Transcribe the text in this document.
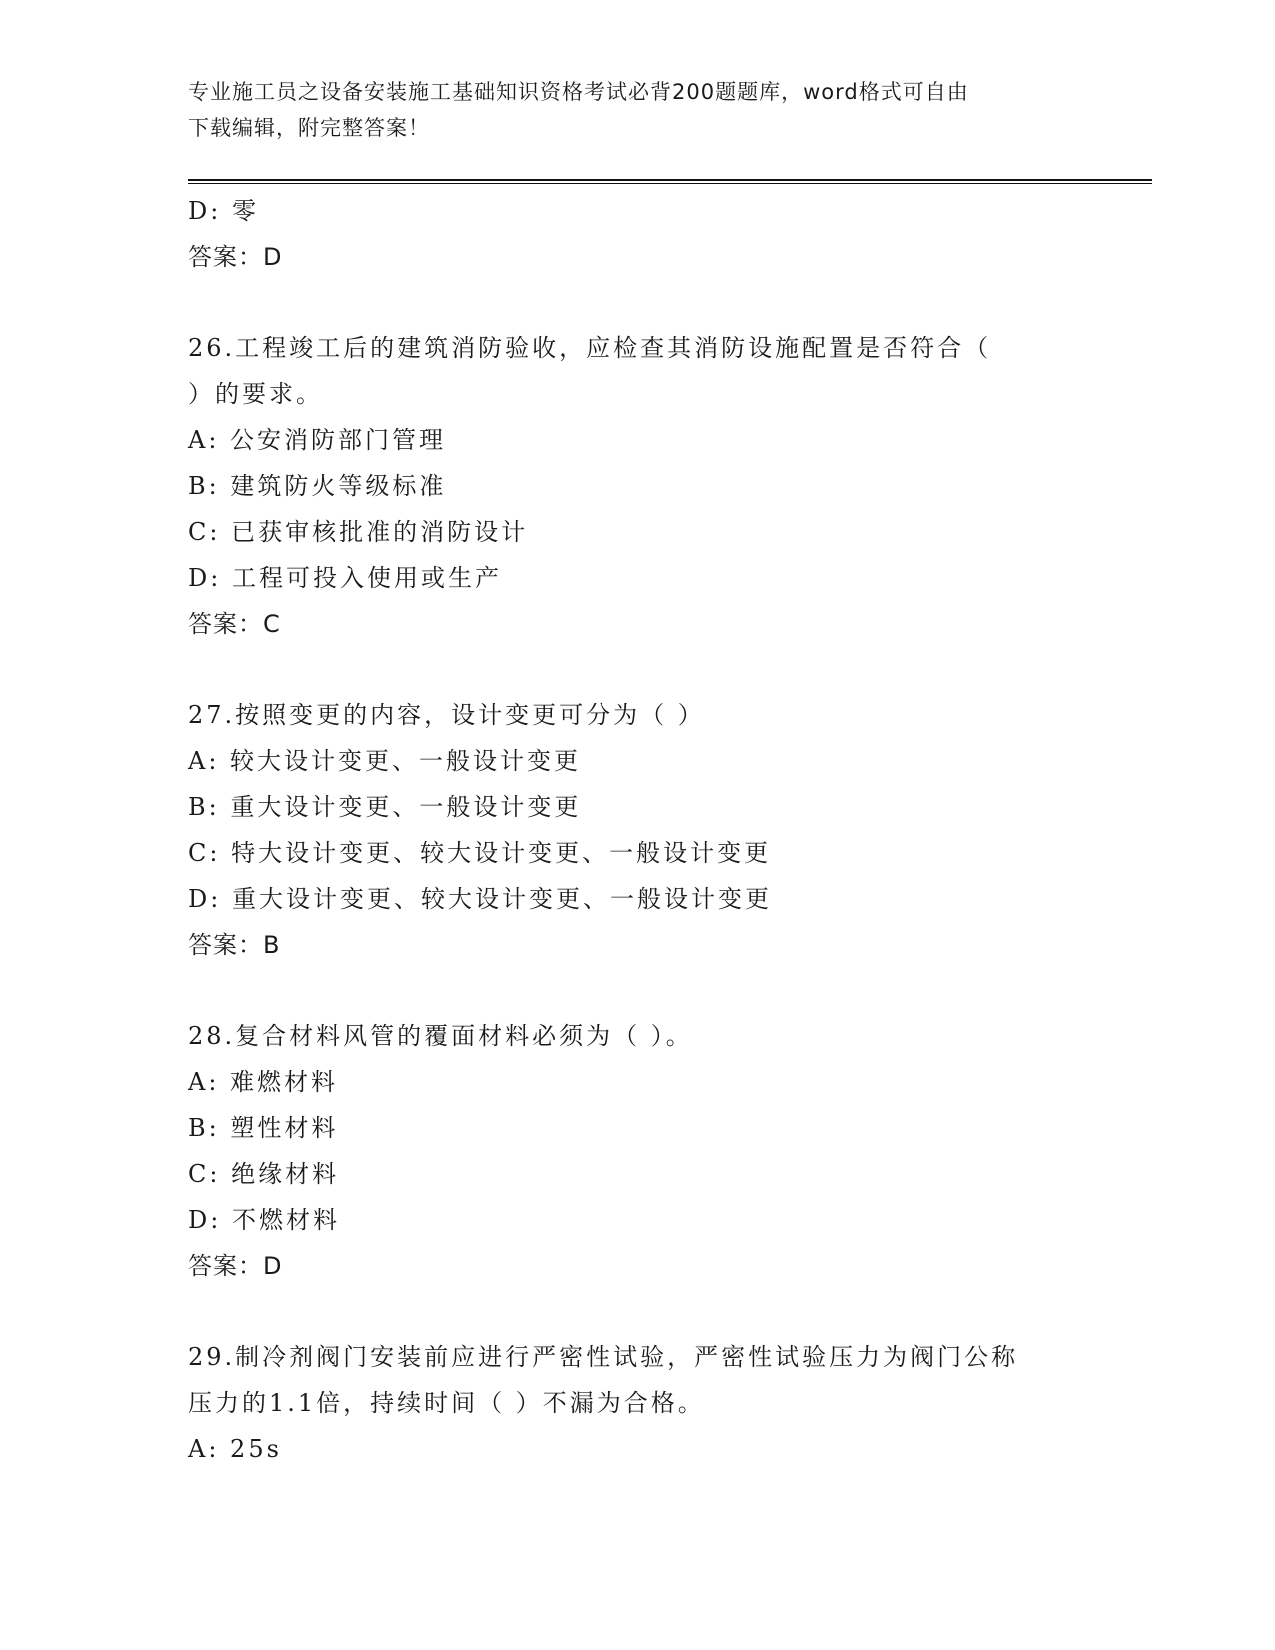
专业施工员之设备安装施工基础知识资格考试必背200题题库，word格式可自由
下载编辑，附完整答案！
D: 零
答案：D
26.工程竣工后的建筑消防验收，应检查其消防设施配置是否符合（
）的要求。
A: 公安消防部门管理
B: 建筑防火等级标准
C: 已获审核批准的消防设计
D: 工程可投入使用或生产
答案：C
27.按照变更的内容，设计变更可分为（ ）
A: 较大设计变更、一般设计变更
B: 重大设计变更、一般设计变更
C: 特大设计变更、较大设计变更、一般设计变更
D: 重大设计变更、较大设计变更、一般设计变更
答案：B
28.复合材料风管的覆面材料必须为（ ）。
A: 难燃材料
B: 塑性材料
C: 绝缘材料
D: 不燃材料
答案：D
29.制冷剂阀门安装前应进行严密性试验，严密性试验压力为阀门公称
压力的1.1倍，持续时间（ ）不漏为合格。
A: 25s
